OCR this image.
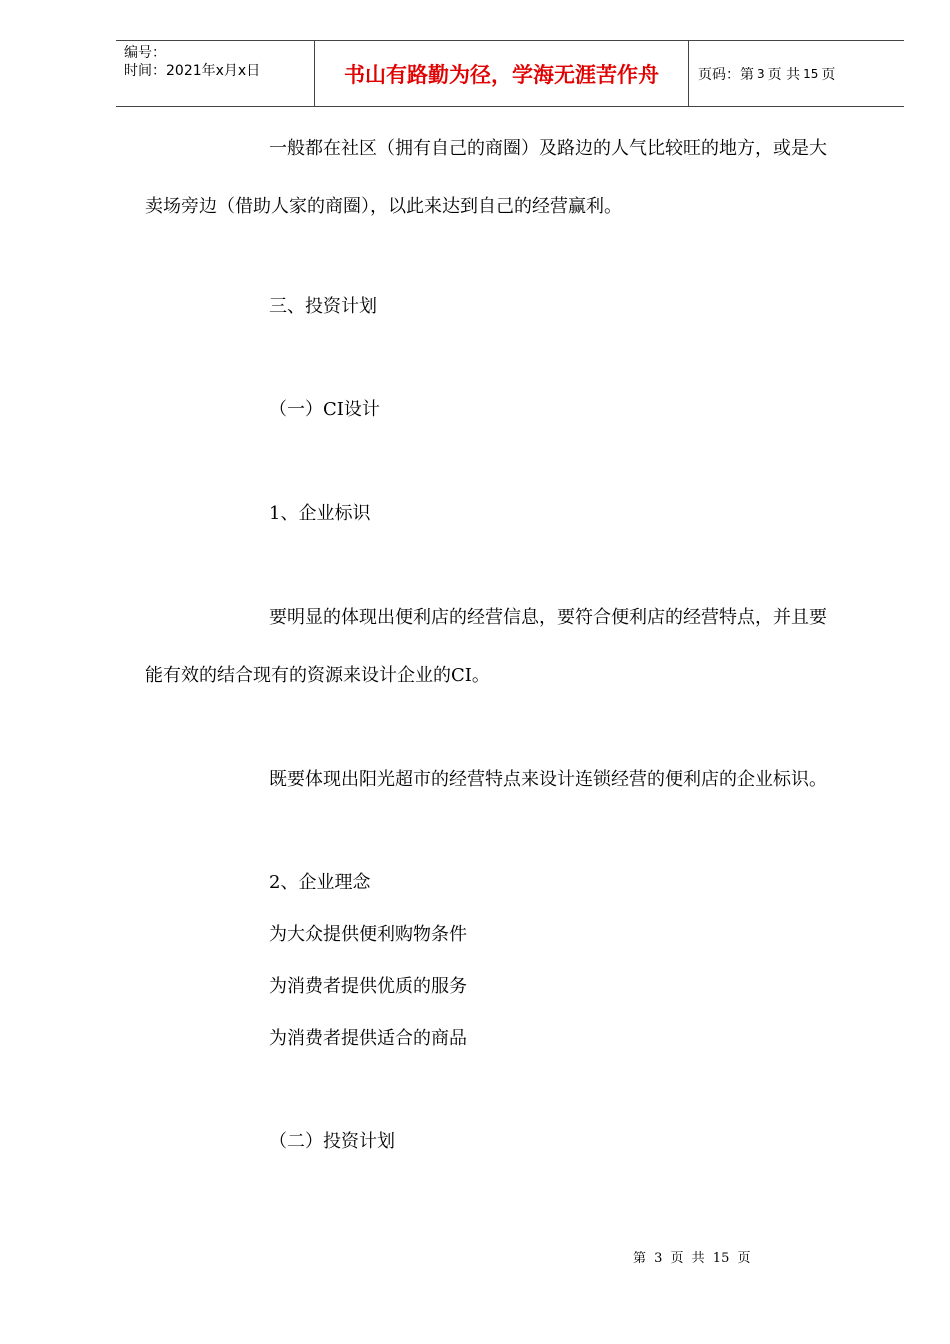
编号：
时间：2021年x月x日	书山有路勤为径，学海无涯苦作舟	页码：第 3 页 共 15 页
一般都在社区（拥有自己的商圈）及路边的人气比较旺的地方，或是大
卖场旁边（借助人家的商圈），以此来达到自己的经营赢利。
三、投资计划
（一）CI设计
1、企业标识
要明显的体现出便利店的经营信息，要符合便利店的经营特点，并且要
能有效的结合现有的资源来设计企业的CI。
既要体现出阳光超市的经营特点来设计连锁经营的便利店的企业标识。
2、企业理念
为大众提供便利购物条件
为消费者提供优质的服务
为消费者提供适合的商品
（二）投资计划
第 3 页 共 15 页
